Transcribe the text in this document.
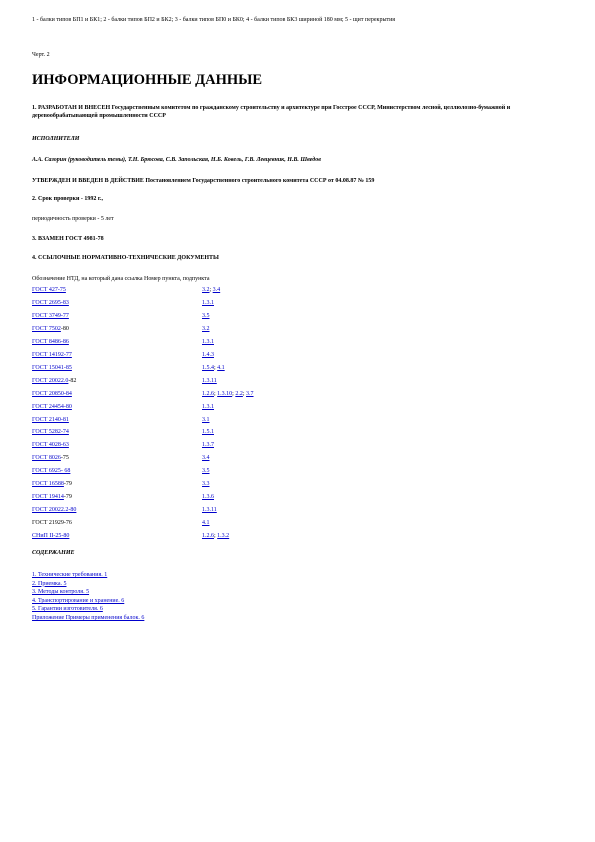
1 - балки типов БП1 и БК1; 2 - балки типов БП2 и БК2; 3 - балки типов БП0 и БК0; 4 - балки типов БК3 шириной 180 мм; 5 - щит перекрытия

Черт. 2

ИНФОРМАЦИОННЫЕ ДАННЫЕ

1. РАЗРАБОТАН И ВНЕСЕН Государственным комитетом по гражданскому строительству и архитектуре при Госстрое СССР, Министерством лесной, целлюлозно-бумажной и деревообрабатывающей промышленности СССР

ИСПОЛНИТЕЛИ

А.А. Сазорин (руководитель темы), Т.Н. Брюсова, С.В. Запольская, Н.Б. Ковель, Г.В. Левцевник, Н.В. Шведов

УТВЕРЖДЕН И ВВЕДЕН В ДЕЙСТВИЕ Постановлением Государственного строительного комитета СССР от 04.08.87 № 159

2. Срок проверки - 1992 г.,

периодичность проверки - 5 лет

3. ВЗАМЕН ГОСТ 4981-78

4. ССЫЛОЧНЫЕ НОРМАТИВНО-ТЕХНИЧЕСКИЕ ДОКУМЕНТЫ

Обозначение НТД, на который дана ссылка Номер пункта, подпункта

ГОСТ 427-75	3.2; 3.4
ГОСТ 2695-83	1.3.1
ГОСТ 3749-77	3.5
ГОСТ 7502-80	3.2
ГОСТ 8486-86	1.3.1
ГОСТ 14192-77	1.4.3
ГОСТ 15041-85	1.5.4; 4.1
ГОСТ 20022.0-82	1.3.11
ГОСТ 20850-84	1.2.6; 1.3.10; 2.2; 3.7
ГОСТ 24454-80	1.3.1
ГОСТ 2140-81	3.1
ГОСТ 5282-74	1.5.1
ГОСТ 4028-63	1.3.7
ГОСТ 8026-75	3.4
ГОСТ 6925- 68	3.5
ГОСТ 16588-79	3.3
ГОСТ 19414-79	1.3.6
ГОСТ 20022.2-80	1.3.11
ГОСТ 21929-76	4.1
СНиП II-25-80	1.2.6; 1.3.2

СОДЕРЖАНИЕ

1. Технические требования. 1
2. Приемка. 5
3. Методы контроля. 5
4. Транспортирование и хранение. 6
5. Гарантии изготовителя. 6
Приложение Примеры применения балок. 6
